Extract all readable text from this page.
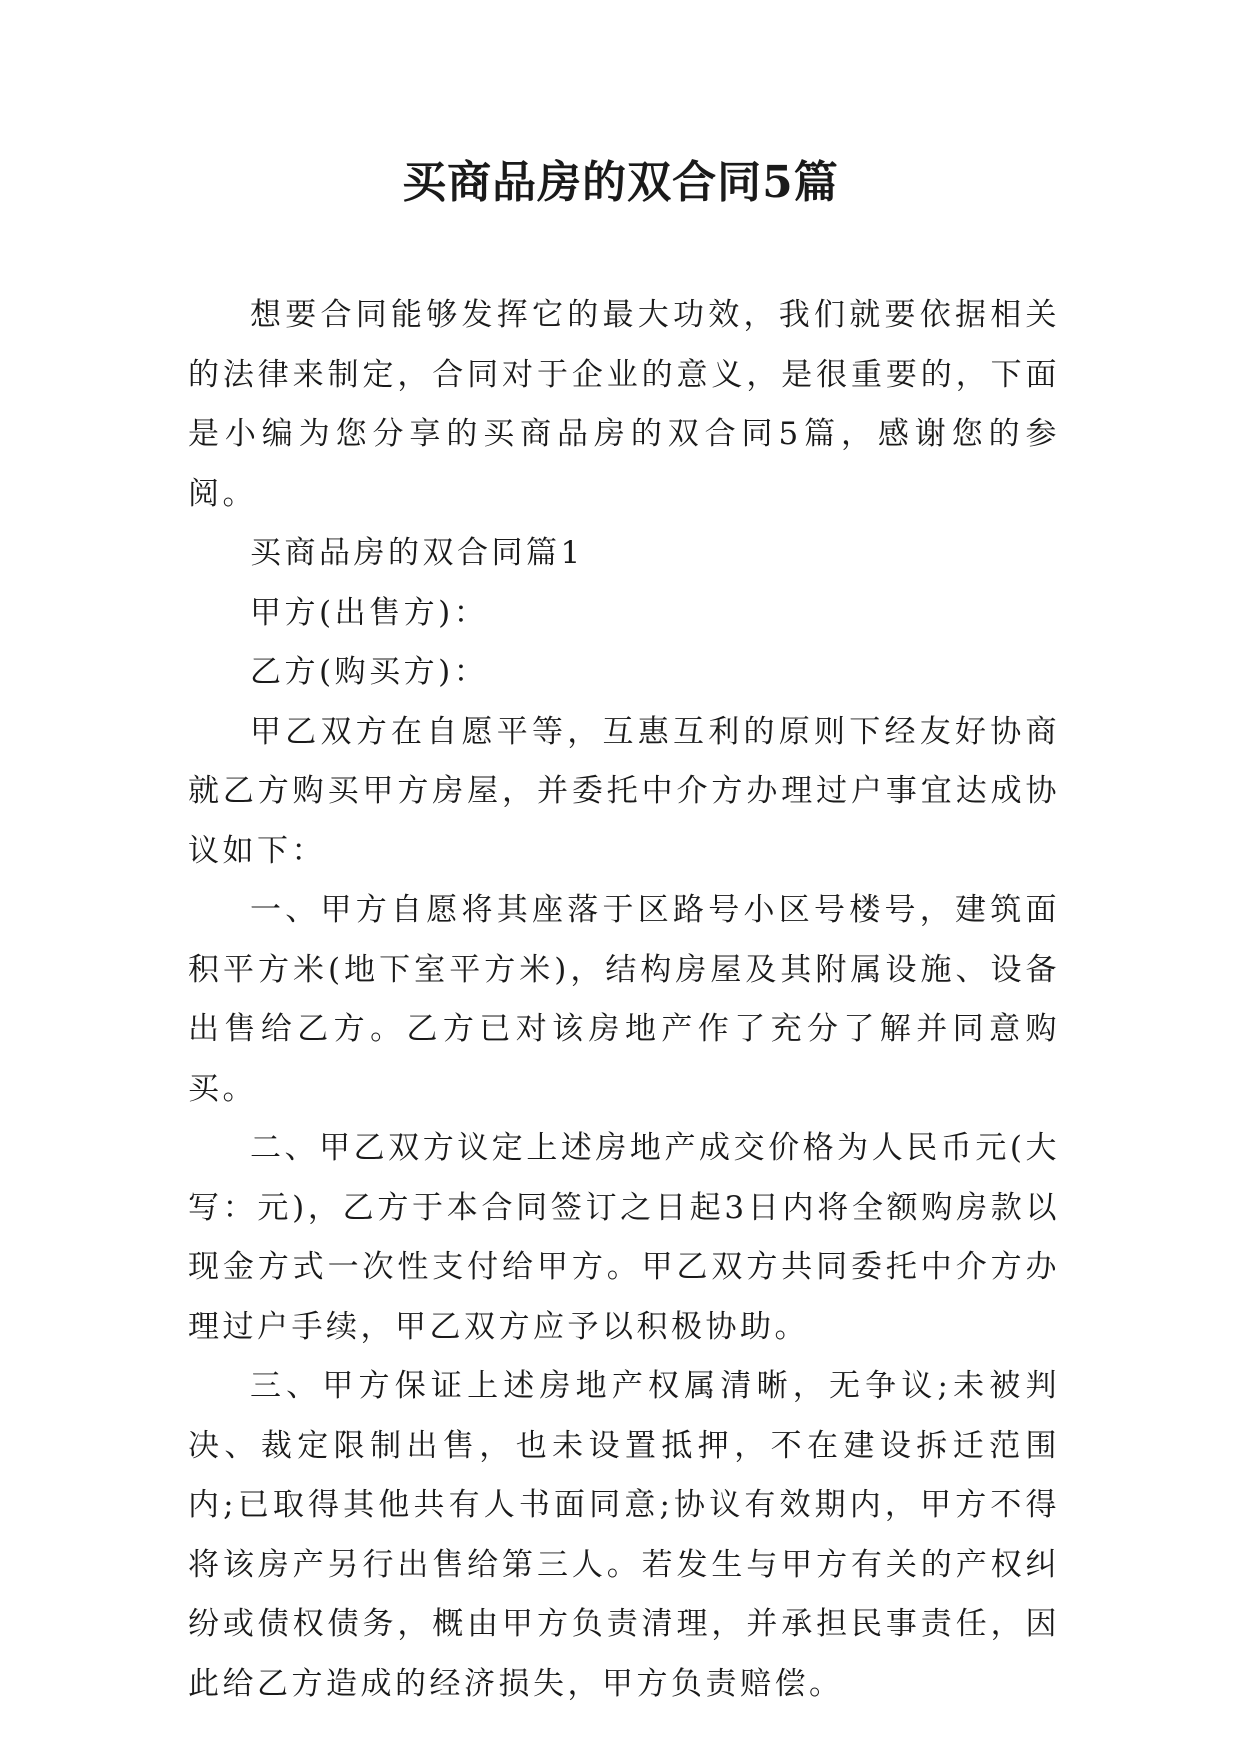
买商品房的双合同5篇

想要合同能够发挥它的最大功效，我们就要依据相关的法律来制定，合同对于企业的意义，是很重要的，下面是小编为您分享的买商品房的双合同5篇，感谢您的参阅。

买商品房的双合同篇1

甲方(出售方)：

乙方(购买方)：

甲乙双方在自愿平等，互惠互利的原则下经友好协商就乙方购买甲方房屋，并委托中介方办理过户事宜达成协议如下：

一、甲方自愿将其座落于区路号小区号楼号，建筑面积平方米(地下室平方米)，结构房屋及其附属设施、设备出售给乙方。乙方已对该房地产作了充分了解并同意购买。

二、甲乙双方议定上述房地产成交价格为人民币元(大写：元)，乙方于本合同签订之日起3日内将全额购房款以现金方式一次性支付给甲方。甲乙双方共同委托中介方办理过户手续，甲乙双方应予以积极协助。

三、甲方保证上述房地产权属清晰，无争议;未被判决、裁定限制出售，也未设置抵押，不在建设拆迁范围内;已取得其他共有人书面同意;协议有效期内，甲方不得将该房产另行出售给第三人。若发生与甲方有关的产权纠纷或债权债务，概由甲方负责清理，并承担民事责任，因此给乙方造成的经济损失，甲方负责赔偿。
